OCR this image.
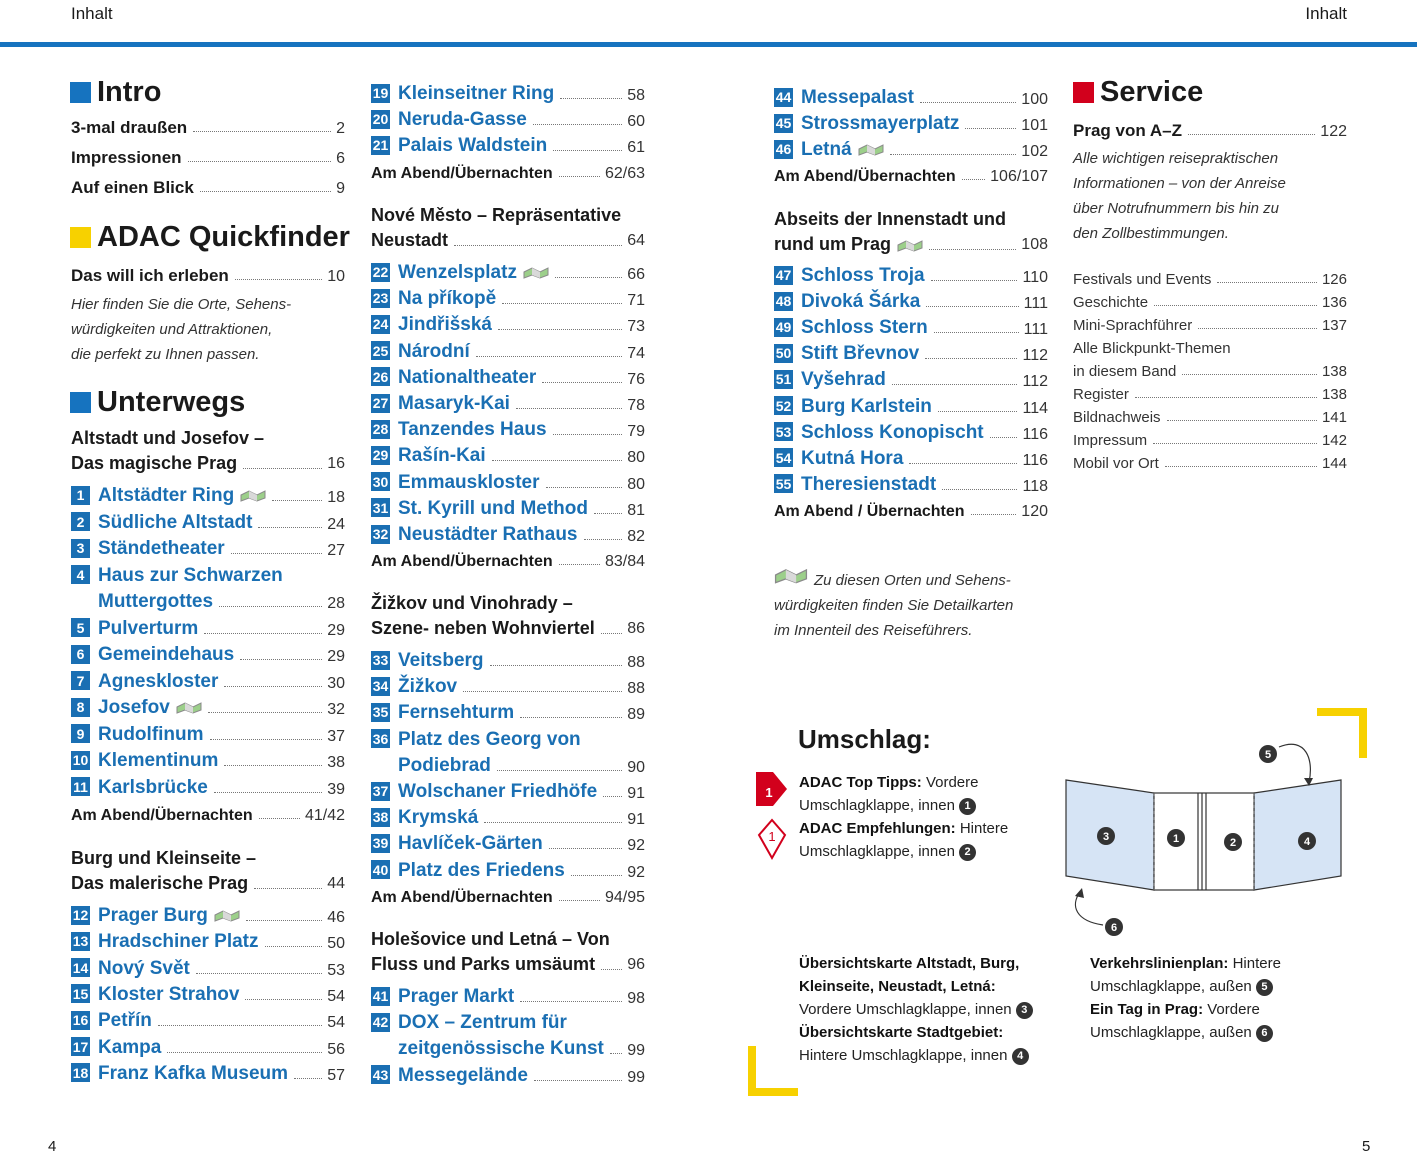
Inhalt	Inhalt
4	5
Intro
3-mal draußen	2
Impressionen	6
Auf einen Blick	9
ADAC Quickfinder
Das will ich erleben	10
Hier finden Sie die Orte, Sehens-
würdigkeiten und Attraktionen,
die perfekt zu Ihnen passen.
Unterwegs
Altstadt und Josefov –
Das magische Prag	16
1 Altstädter Ring	18
2 Südliche Altstadt	24
3 Ständetheater	27
4 Haus zur Schwarzen
Muttergottes	28
5 Pulverturm	29
6 Gemeindehaus	29
7 Agneskloster	30
8 Josefov	32
9 Rudolfinum	37
10 Klementinum	38
11 Karlsbrücke	39
Am Abend/Übernachten	41/42
Burg und Kleinseite –
Das malerische Prag	44
12 Prager Burg	46
13 Hradschiner Platz	50
14 Nový Svět	53
15 Kloster Strahov	54
16 Petřín	54
17 Kampa	56
18 Franz Kafka Museum 57
19 Kleinseitner Ring	58
20 Neruda-Gasse	60
21 Palais Waldstein	61
Am Abend/Übernachten	62/63
Nové Město – Repräsentative
Neustadt	64
22 Wenzelsplatz	66
23 Na příkopě	71
24 Jindřišská	73
25 Národní	74
26 Nationaltheater	76
27 Masaryk-Kai	78
28 Tanzendes Haus	79
29 Rašín-Kai	80
30 Emmauskloster	80
31 St. Kyrill und Method 81
32 Neustädter Rathaus	82
Am Abend/Übernachten	83/84
Žižkov und Vinohrady –
Szene- neben Wohnviertel 86
33 Veitsberg	88
34 Žižkov	88
35 Fernsehturm	89
36 Platz des Georg von
Podiebrad	90
37 Wolschaner Friedhöfe 91
38 Krymská	91
39 Havlíček-Gärten	92
40 Platz des Friedens	92
Am Abend/Übernachten	94/95
Holešovice und Letná – Von
Fluss und Parks umsäumt 96
41 Prager Markt	98
42 DOX – Zentrum für
zeitgenössische Kunst 99
43 Messegelände	99
44 Messepalast	100
45 Strossmayerplatz	101
46 Letná	102
Am Abend/Übernachten 106/107
Abseits der Innenstadt und
rund um Prag	108
47 Schloss Troja	110
48 Divoká Šárka	111
49 Schloss Stern	111
50 Stift Břevnov	112
51 Vyšehrad	112
52 Burg Karlstein	114
53 Schloss Konopischt 116
54 Kutná Hora	116
55 Theresienstadt	118
Am Abend / Übernachten	120
Zu diesen Orten und Sehens-
würdigkeiten finden Sie Detailkarten
im Innenteil des Reiseführers.
Umschlag:
1
1
ADAC Top Tipps: Vordere
Umschlagklappe, innen 1
ADAC Empfehlungen: Hintere
Umschlagklappe, innen 2
3	1	2	4
5
6
Übersichtskarte Altstadt, Burg,
Kleinseite, Neustadt, Letná:
Vordere Umschlagklappe, innen 3
Übersichtskarte Stadtgebiet:
Hintere Umschlagklappe, innen 4
Verkehrslinienplan: Hintere
Umschlagklappe, außen 5
Ein Tag in Prag: Vordere
Umschlagklappe, außen 6
Service
Prag von A–Z	122
Alle wichtigen reisepraktischen
Informationen – von der Anreise
über Notrufnummern bis hin zu
den Zollbestimmungen.
Festivals und Events	126
Geschichte	136
Mini-Sprachführer	137
Alle Blickpunkt-Themen
in diesem Band	138
Register	138
Bildnachweis	141
Impressum	142
Mobil vor Ort	144
